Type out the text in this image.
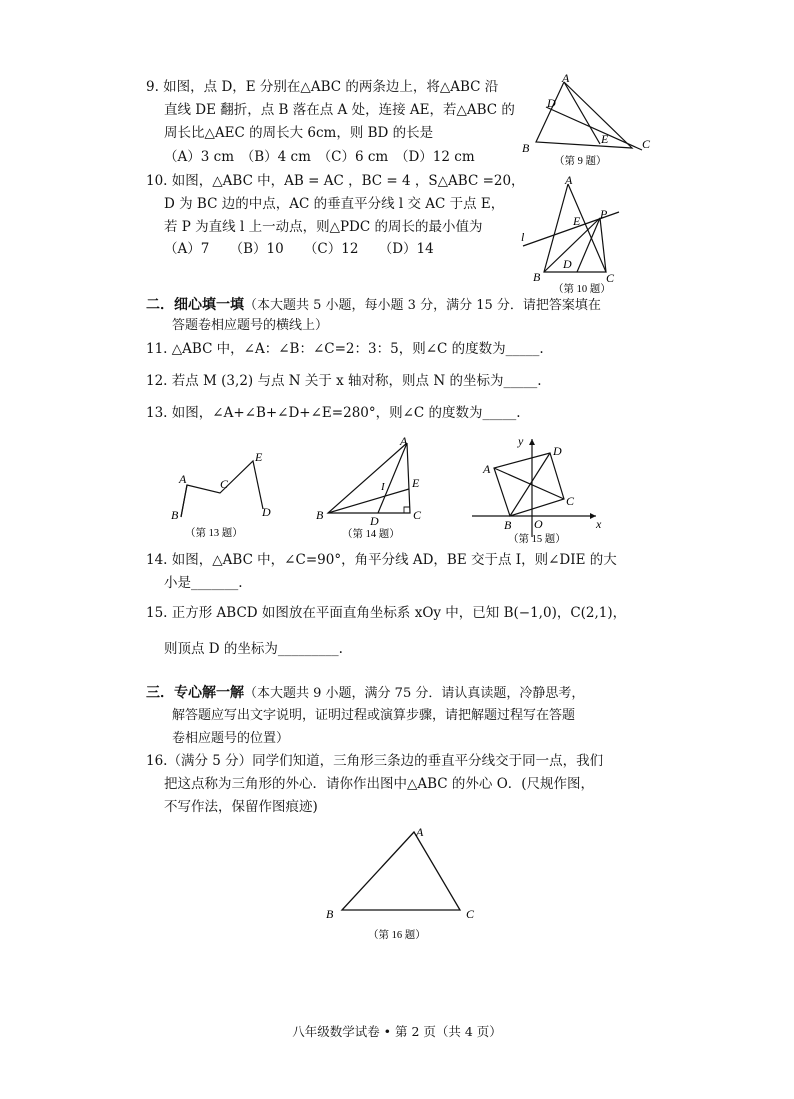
9. 如图，点 D，E 分别在△ABC 的两条边上，将△ABC 沿
直线 DE 翻折，点 B 落在点 A 处，连接 AE，若△ABC 的
周长比△AEC 的周长大 6cm，则 BD 的长是
（A）3 cm　（B）4 cm　（C）6 cm　（D）12 cm
A
D
E
B	C
（第 9 题）
10. 如图，△ABC 中，AB = AC ，BC = 4 ，S△ABC =20，
D 为 BC 边的中点，AC 的垂直平分线 l 交 AC 于点 E，
若 P 为直线 l 上一动点，则△PDC 的周长的最小值为
（A）7　　（B）10　　（C）12　　（D）14
A
E P
l
D
B	C
（第 10 题）
二．细心填一填（本大题共 5 小题，每小题 3 分，满分 15 分．请把答案填在
答题卷相应题号的横线上）
11. △ABC 中，∠A：∠B：∠C=2：3：5，则∠C 的度数为_____.
12. 若点 M (3,2) 与点 N 关于 x 轴对称，则点 N 的坐标为_____.
13. 如图，∠A+∠B+∠D+∠E=280°，则∠C 的度数为_____.
A	C
E
B	D
（第 13 题）
A
E
I
B	D	C
（第 14 题）
y
x
A
D
C
B O
（第 15 题）
14. 如图，△ABC 中，∠C=90°，角平分线 AD，BE 交于点 I，则∠DIE 的大
小是_______.
15. 正方形 ABCD 如图放在平面直角坐标系 xOy 中，已知 B(−1,0)，C(2,1)，
则顶点 D 的坐标为_________.
三．专心解一解（本大题共 9 小题，满分 75 分．请认真读题，冷静思考，
解答题应写出文字说明，证明过程或演算步骤，请把解题过程写在答题
卷相应题号的位置）
16.（满分 5 分）同学们知道，三角形三条边的垂直平分线交于同一点，我们
把这点称为三角形的外心．请你作出图中△ABC 的外心 O．(尺规作图，
不写作法，保留作图痕迹)
A
B	C
（第 16 题）
八年级数学试卷 • 第 2 页（共 4 页）
